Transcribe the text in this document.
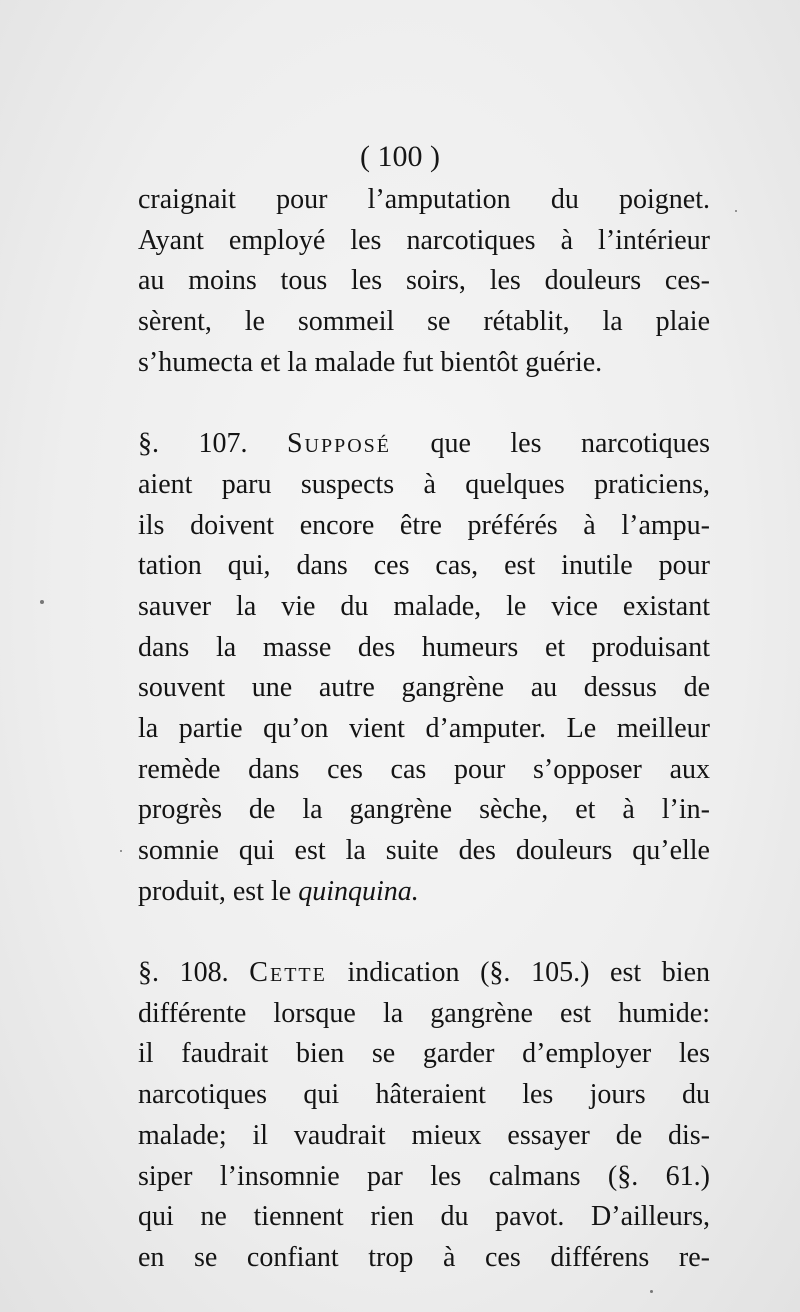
( 100 )
craignait pour l’amputation du poignet.
Ayant employé les narcotiques à l’intérieur
au moins tous les soirs, les douleurs ces-
sèrent, le sommeil se rétablit, la plaie
s’humecta et la malade fut bientôt guérie.
§. 107. Supposé que les narcotiques
aient paru suspects à quelques praticiens,
ils doivent encore être préférés à l’ampu-
tation qui, dans ces cas, est inutile pour
sauver la vie du malade, le vice existant
dans la masse des humeurs et produisant
souvent une autre gangrène au dessus de
la partie qu’on vient d’amputer. Le meilleur
remède dans ces cas pour s’opposer aux
progrès de la gangrène sèche, et à l’in-
somnie qui est la suite des douleurs qu’elle
produit, est le quinquina.
§. 108. Cette indication (§. 105.) est bien
différente lorsque la gangrène est humide:
il faudrait bien se garder d’employer les
narcotiques qui hâteraient les jours du
malade; il vaudrait mieux essayer de dis-
siper l’insomnie par les calmans (§. 61.)
qui ne tiennent rien du pavot. D’ailleurs,
en se confiant trop à ces différens re-
